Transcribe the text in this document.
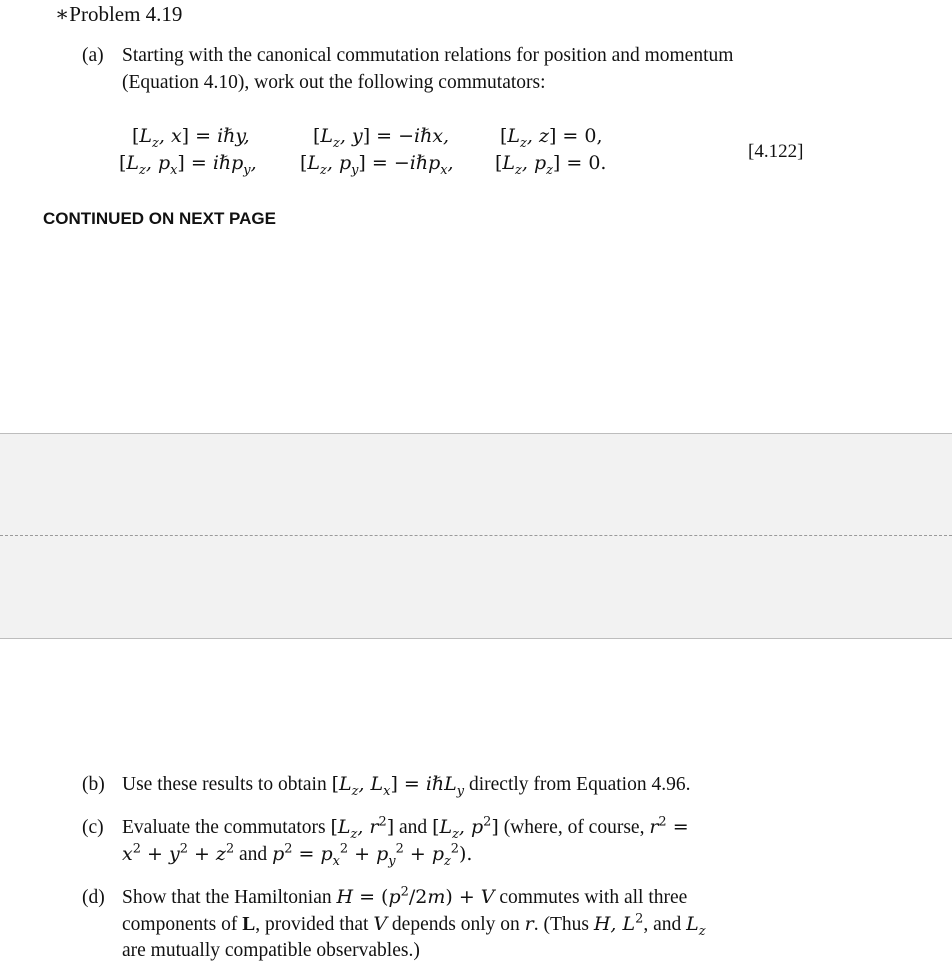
∗Problem 4.19
(a) Starting with the canonical commutation relations for position and momentum
(Equation 4.10), work out the following commutators:
[$L_z$, x] = iℏy,	[$L_z$, y] = −iℏx,	[$L_z$, z] = 0,
[$L_z$, $p_x$] = iℏp$_y$, [$L_z$, $p_y$] = −iℏp$_x$, [$L_z$, $p_z] = 0$.
[4.122]
CONTINUED ON NEXT PAGE
(b) Use these results to obtain [$L_z$, $L_x$] = iℏL$_y$ directly from Equation 4.96.
(c) Evaluate the commutators [$L_z$, $r^2$] and [$L_z$, $p^2$] (where, of course, $r^2$ =
$x^2 + y^2 + z^2$ and $p^2 = p_x^2 + p_y^2 + p_z^2$).
(d) Show that the Hamiltonian $H = (p^2/2m) + V$ commutes with all three
components of L, provided that V depends only on r. (Thus H, $L^2$, and $L_z$
are mutually compatible observables.)
